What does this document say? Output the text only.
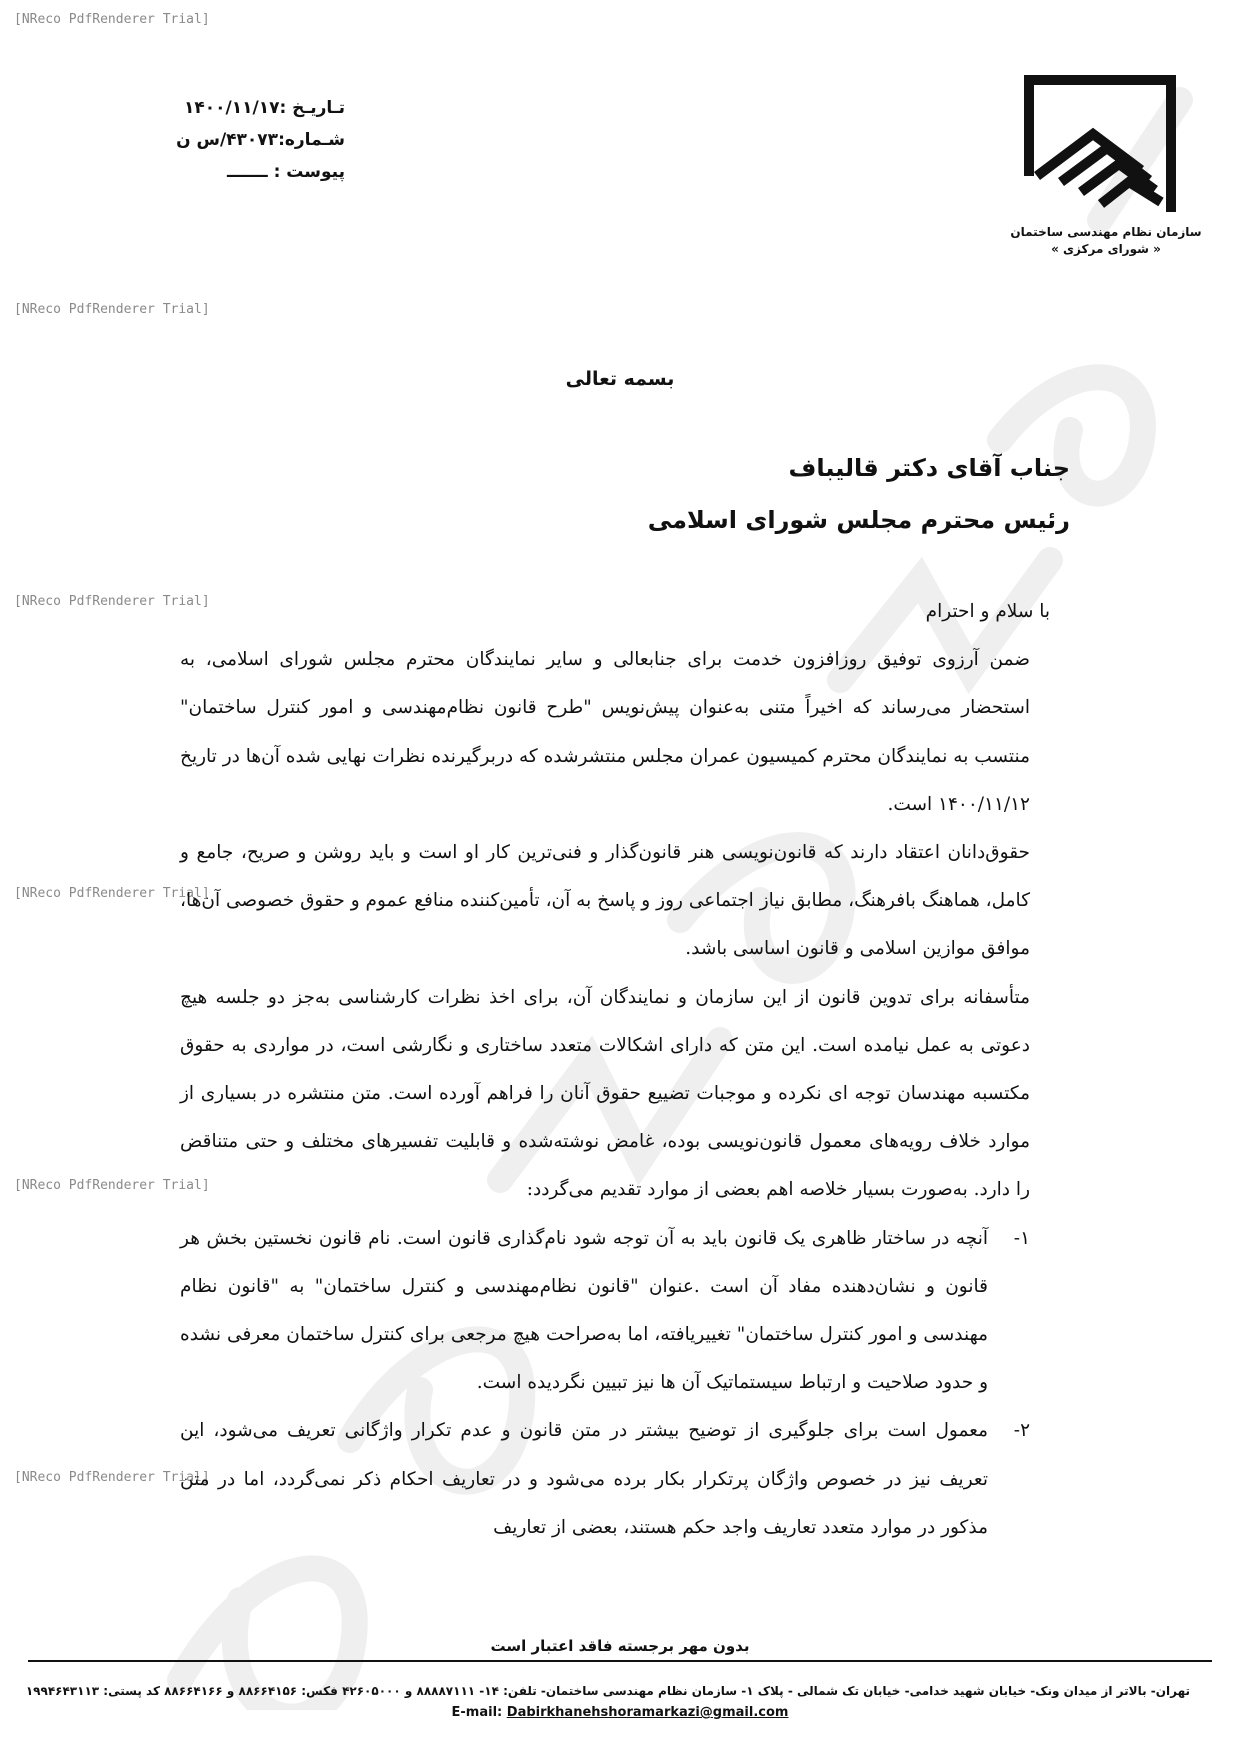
[NReco PdfRenderer Trial]
[NReco PdfRenderer Trial]
[NReco PdfRenderer Trial]
[NReco PdfRenderer Trial]
[NReco PdfRenderer Trial]
[NReco PdfRenderer Trial]
تـاریـخ :۱۴۰۰/۱۱/۱۷
شـماره:۴۳۰۷۳/س ن
پیوست : ـــــــ
سازمان نظام مهندسی ساختمان
« شورای مرکزی »
بسمه تعالی
جناب آقای دکتر قالیباف
رئیس محترم مجلس شورای اسلامی

با سلام و احترام

ضمن آرزوی توفیق روزافزون خدمت برای جنابعالی و سایر نمایندگان محترم مجلس شورای اسلامی، به استحضار می‌رساند که اخیراً متنی به‌عنوان پیش‌نویس "طرح قانون نظام‌مهندسی و امور کنترل ساختمان" منتسب به نمایندگان محترم کمیسیون عمران مجلس منتشرشده که دربرگیرنده نظرات نهایی شده آن‌ها در تاریخ ۱۴۰۰/۱۱/۱۲ است.

حقوق‌دانان اعتقاد دارند که قانون‌نویسی هنر قانون‌گذار و فنی‌ترین کار او است و باید روشن و صریح، جامع و کامل، هماهنگ بافرهنگ، مطابق نیاز اجتماعی روز و پاسخ به آن، تأمین‌کننده منافع عموم و حقوق خصوصی آن‌ها، موافق موازین اسلامی و قانون اساسی باشد.

متأسفانه برای تدوین قانون از این سازمان و نمایندگان آن، برای اخذ نظرات کارشناسی به‌جز دو جلسه هیچ دعوتی به عمل نیامده است. این متن که دارای اشکالات متعدد ساختاری و نگارشی است، در مواردی به حقوق مکتسبه مهندسان توجه ای نکرده و موجبات تضییع حقوق آنان را فراهم آورده است. متن منتشره در بسیاری از موارد خلاف رویه‌های معمول قانون‌نویسی بوده، غامض نوشته‌شده و قابلیت تفسیرهای مختلف و حتی متناقض را دارد. به‌صورت بسیار خلاصه اهم بعضی از موارد تقدیم می‌گردد:

۱-
آنچه در ساختار ظاهری یک قانون باید به آن توجه شود نام‌گذاری قانون است. نام قانون نخستین بخش هر قانون و نشان‌دهنده مفاد آن است .عنوان "قانون نظام‌مهندسی و کنترل ساختمان" به "قانون نظام مهندسی و امور کنترل ساختمان" تغییریافته، اما به‌صراحت هیچ مرجعی برای کنترل ساختمان معرفی نشده و حدود صلاحیت و ارتباط سیستماتیک آن ها نیز تبیین نگردیده است.
۲-
معمول است برای جلوگیری از توضیح بیشتر در متن قانون و عدم تکرار واژگانی تعریف می‌شود، این تعریف نیز در خصوص واژگان پرتکرار بکار برده می‌شود و در تعاریف احکام ذکر نمی‌گردد، اما در متن مذکور در موارد متعدد تعاریف واجد حکم هستند، بعضی از تعاریف
بدون مهر برجسته فاقد اعتبار است
تهران- بالاتر از میدان ونک- خیابان شهید خدامی- خیابان تک شمالی - پلاک ۱- سازمان نظام مهندسی ساختمان- تلفن: ۱۴- ۸۸۸۸۷۱۱۱ و ۴۲۶۰۵۰۰۰ فکس: ۸۸۶۶۴۱۵۶ و ۸۸۶۶۴۱۶۶ کد پستی: ۱۹۹۴۶۴۳۱۱۳
E-mail: Dabirkhanehshoramarkazi@gmail.com
